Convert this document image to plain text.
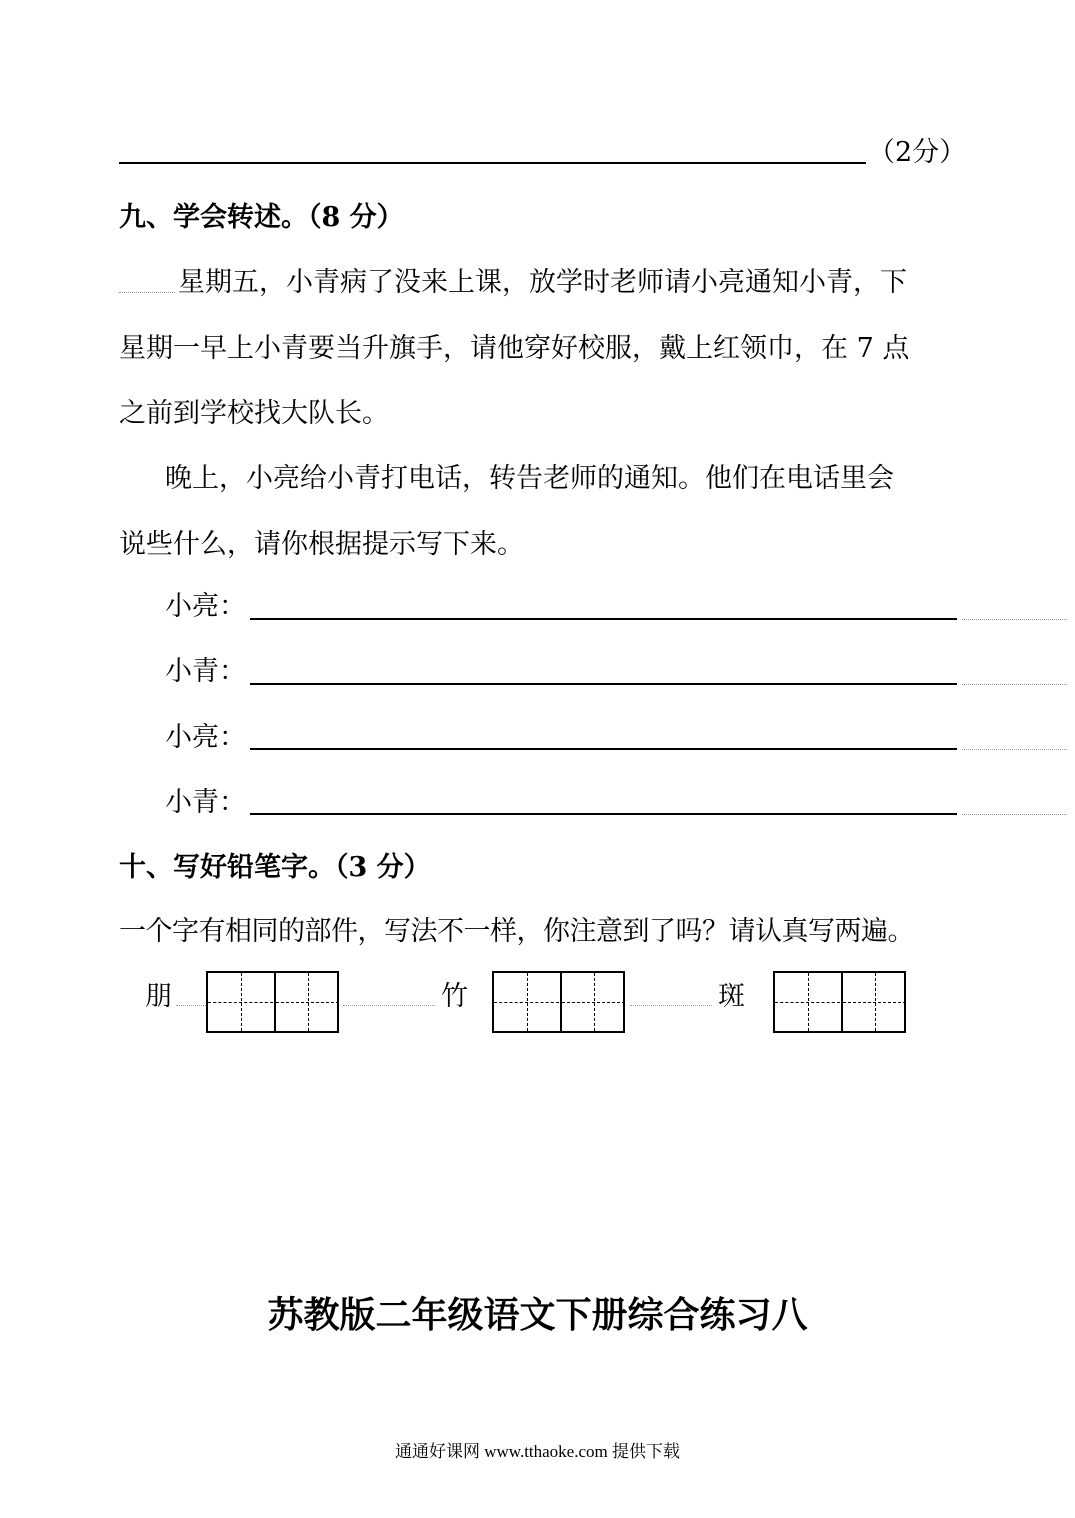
（2分）
九、学会转述。（8 分）
星期五，小青病了没来上课，放学时老师请小亮通知小青，下
星期一早上小青要当升旗手，请他穿好校服，戴上红领巾，在 7 点
之前到学校找大队长。
晚上，小亮给小青打电话，转告老师的通知。他们在电话里会
说些什么，请你根据提示写下来。
小亮：
小青：
小亮：
小青：
十、写好铅笔字。（3 分）
一个字有相同的部件，写法不一样，你注意到了吗？请认真写两遍。
朋	竹	斑
苏教版二年级语文下册综合练习八
通通好课网 www.tthaoke.com 提供下载
